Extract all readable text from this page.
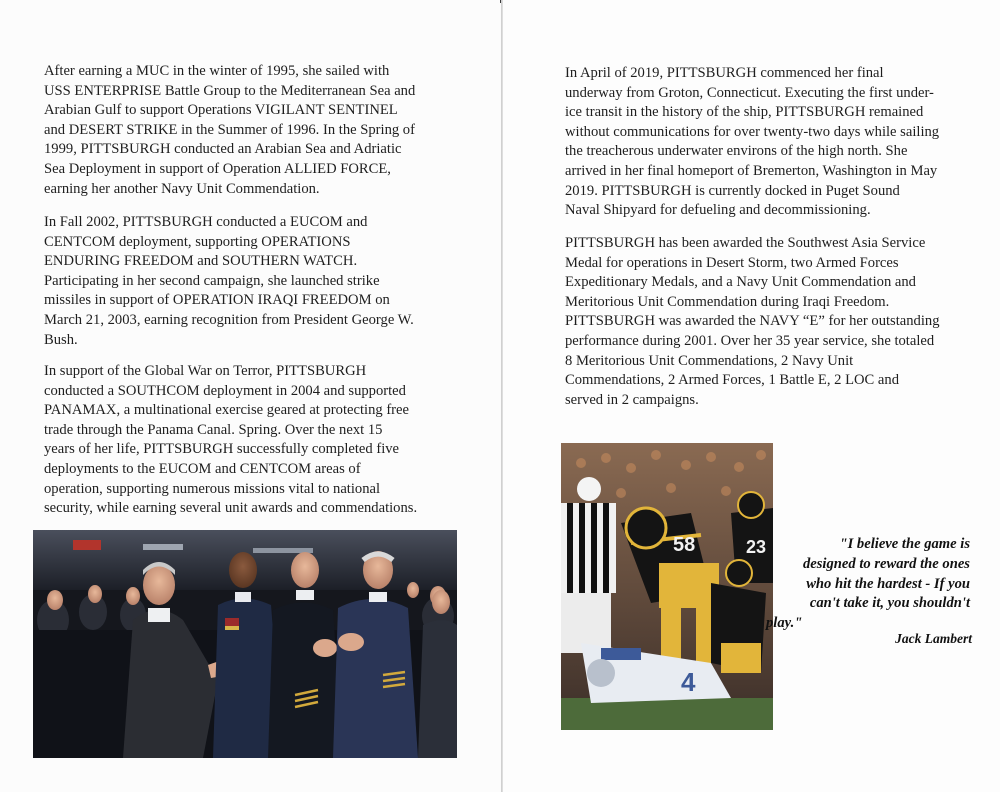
After earning a MUC in the winter of 1995, she sailed with
USS ENTERPRISE Battle Group to the Mediterranean Sea and
Arabian Gulf to support Operations VIGILANT SENTINEL
and DESERT STRIKE in the Summer of 1996. In the Spring of
1999, PITTSBURGH conducted an Arabian Sea and Adriatic
Sea Deployment in support of Operation ALLIED FORCE,
earning her another Navy Unit Commendation.

In Fall 2002, PITTSBURGH conducted a EUCOM and
CENTCOM deployment, supporting OPERATIONS
ENDURING FREEDOM and SOUTHERN WATCH.
Participating in her second campaign, she launched strike
missiles in support of OPERATION IRAQI FREEDOM on
March 21, 2003, earning recognition from President George W.
Bush.

In support of the Global War on Terror, PITTSBURGH
conducted a SOUTHCOM deployment in 2004 and supported
PANAMAX, a multinational exercise geared at protecting free
trade through the Panama Canal. Spring. Over the next 15
years of her life, PITTSBURGH successfully completed five
deployments to the EUCOM and CENTCOM areas of
operation, supporting numerous missions vital to national
security, while earning several unit awards and commendations.

In April of 2019, PITTSBURGH commenced her final
underway from Groton, Connecticut. Executing the first under-
ice transit in the history of the ship, PITTSBURGH remained
without communications for over twenty-two days while sailing
the treacherous underwater environs of the high north. She
arrived in her final homeport of Bremerton, Washington in May
2019. PITTSBURGH is currently docked in Puget Sound
Naval Shipyard for defueling and decommissioning.

PITTSBURGH has been awarded the Southwest Asia Service
Medal for operations in Desert Storm, two Armed Forces
Expeditionary Medals, and a Navy Unit Commendation and
Meritorious Unit Commendation during Iraqi Freedom.
PITTSBURGH was awarded the NAVY “E” for her outstanding
performance during 2001. Over her 35 year service, she totaled
8 Meritorious Unit Commendations, 2 Navy Unit
Commendations, 2 Armed Forces, 1 Battle E, 2 LOC and
served in 2 campaigns.

58	23
4
"I believe the game is
designed to reward the ones
who hit the hardest - If you
can't take it, you shouldn't
play."
Jack Lambert
